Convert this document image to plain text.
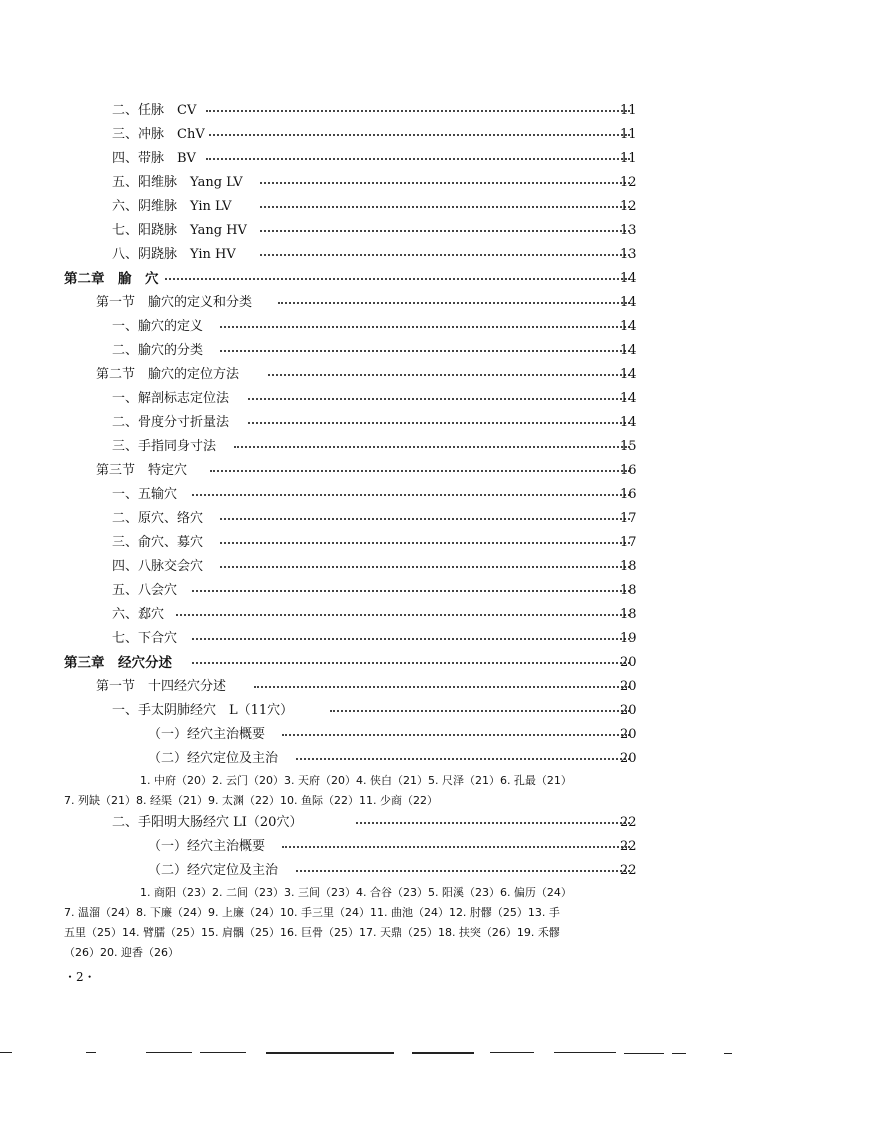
二、任脉　CV	11
三、冲脉　ChV	11
四、带脉　BV	11
五、阳维脉　Yang LV	12
六、阴维脉　Yin LV	12
七、阳跷脉　Yang HV	13
八、阴跷脉　Yin HV	13
第二章　腧　穴	14
第一节　腧穴的定义和分类	14
一、腧穴的定义	14
二、腧穴的分类	14
第二节　腧穴的定位方法	14
一、解剖标志定位法	14
二、骨度分寸折量法	14
三、手指同身寸法	15
第三节　特定穴	16
一、五输穴	16
二、原穴、络穴	17
三、俞穴、募穴	17
四、八脉交会穴	18
五、八会穴	18
六、郄穴	18
七、下合穴	19
第三章　经穴分述	20
第一节　十四经穴分述	20
一、手太阴肺经穴　L（11穴）	20
（一）经穴主治概要	20
（二）经穴定位及主治	20
1. 中府（20）2. 云门（20）3. 天府（20）4. 侠白（21）5. 尺泽（21）6. 孔最（21）
7. 列缺（21）8. 经渠（21）9. 太渊（22）10. 鱼际（22）11. 少商（22）
二、手阳明大肠经穴 LI（20穴）	22
（一）经穴主治概要	22
（二）经穴定位及主治	22
1. 商阳（23）2. 二间（23）3. 三间（23）4. 合谷（23）5. 阳溪（23）6. 偏历（24）
7. 温溜（24）8. 下廉（24）9. 上廉（24）10. 手三里（24）11. 曲池（24）12. 肘髎（25）13. 手
五里（25）14. 臂臑（25）15. 肩髃（25）16. 巨骨（25）17. 天鼎（25）18. 扶突（26）19. 禾髎
（26）20. 迎香（26）
・2・
